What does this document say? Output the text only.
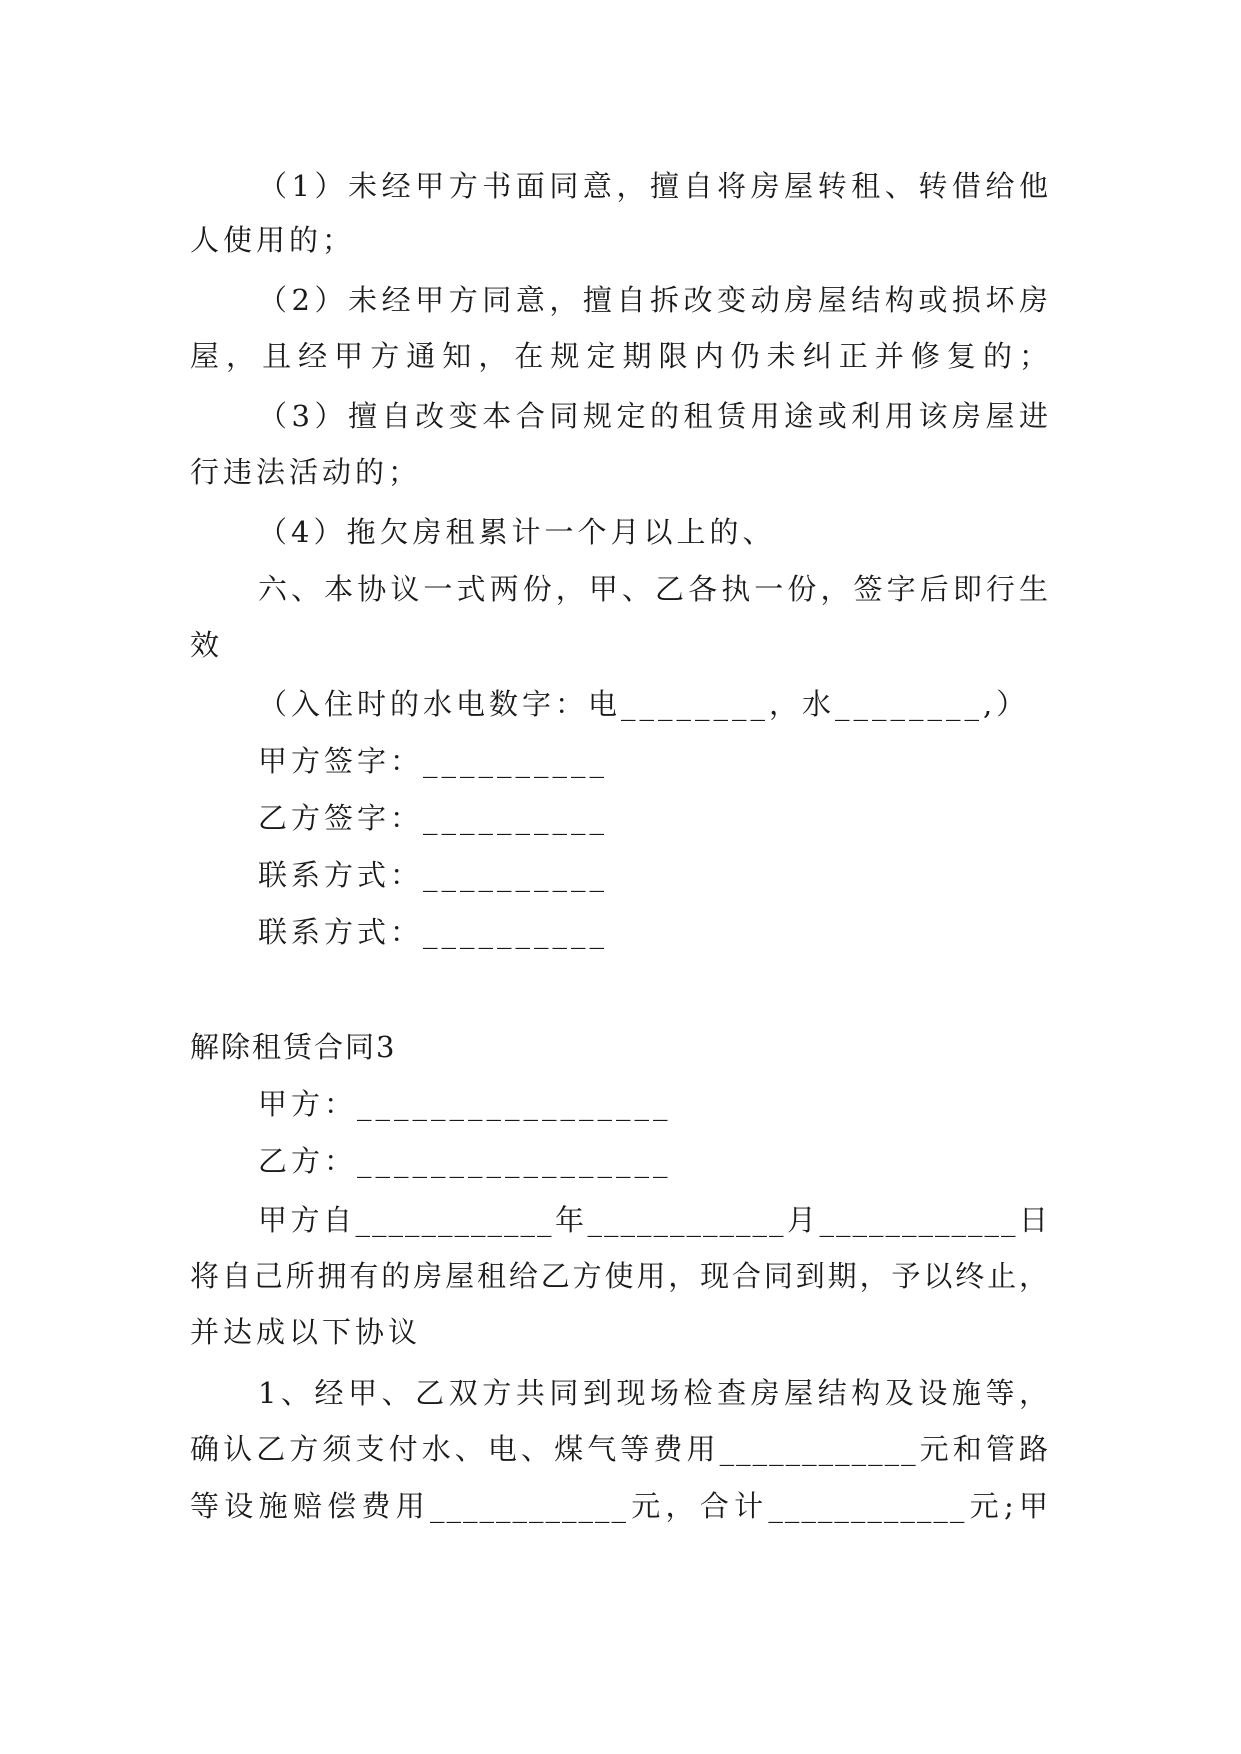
（1）未经甲方书面同意，擅自将房屋转租、转借给他
人使用的；
（2）未经甲方同意，擅自拆改变动房屋结构或损坏房
屋，且经甲方通知，在规定期限内仍未纠正并修复的；
（3）擅自改变本合同规定的租赁用途或利用该房屋进
行违法活动的；
（4）拖欠房租累计一个月以上的、
六、本协议一式两份，甲、乙各执一份，签字后即行生
效
（入住时的水电数字：电________，水________,）
甲方签字：__________
乙方签字：__________
联系方式：__________
联系方式：__________
解除租赁合同3
甲方：_________________
乙方：_________________
甲方自____________年____________月____________日
将自己所拥有的房屋租给乙方使用，现合同到期，予以终止，
并达成以下协议
1、经甲、乙双方共同到现场检查房屋结构及设施等，
确认乙方须支付水、电、煤气等费用____________元和管路
等设施赔偿费用____________元，合计____________元;甲
